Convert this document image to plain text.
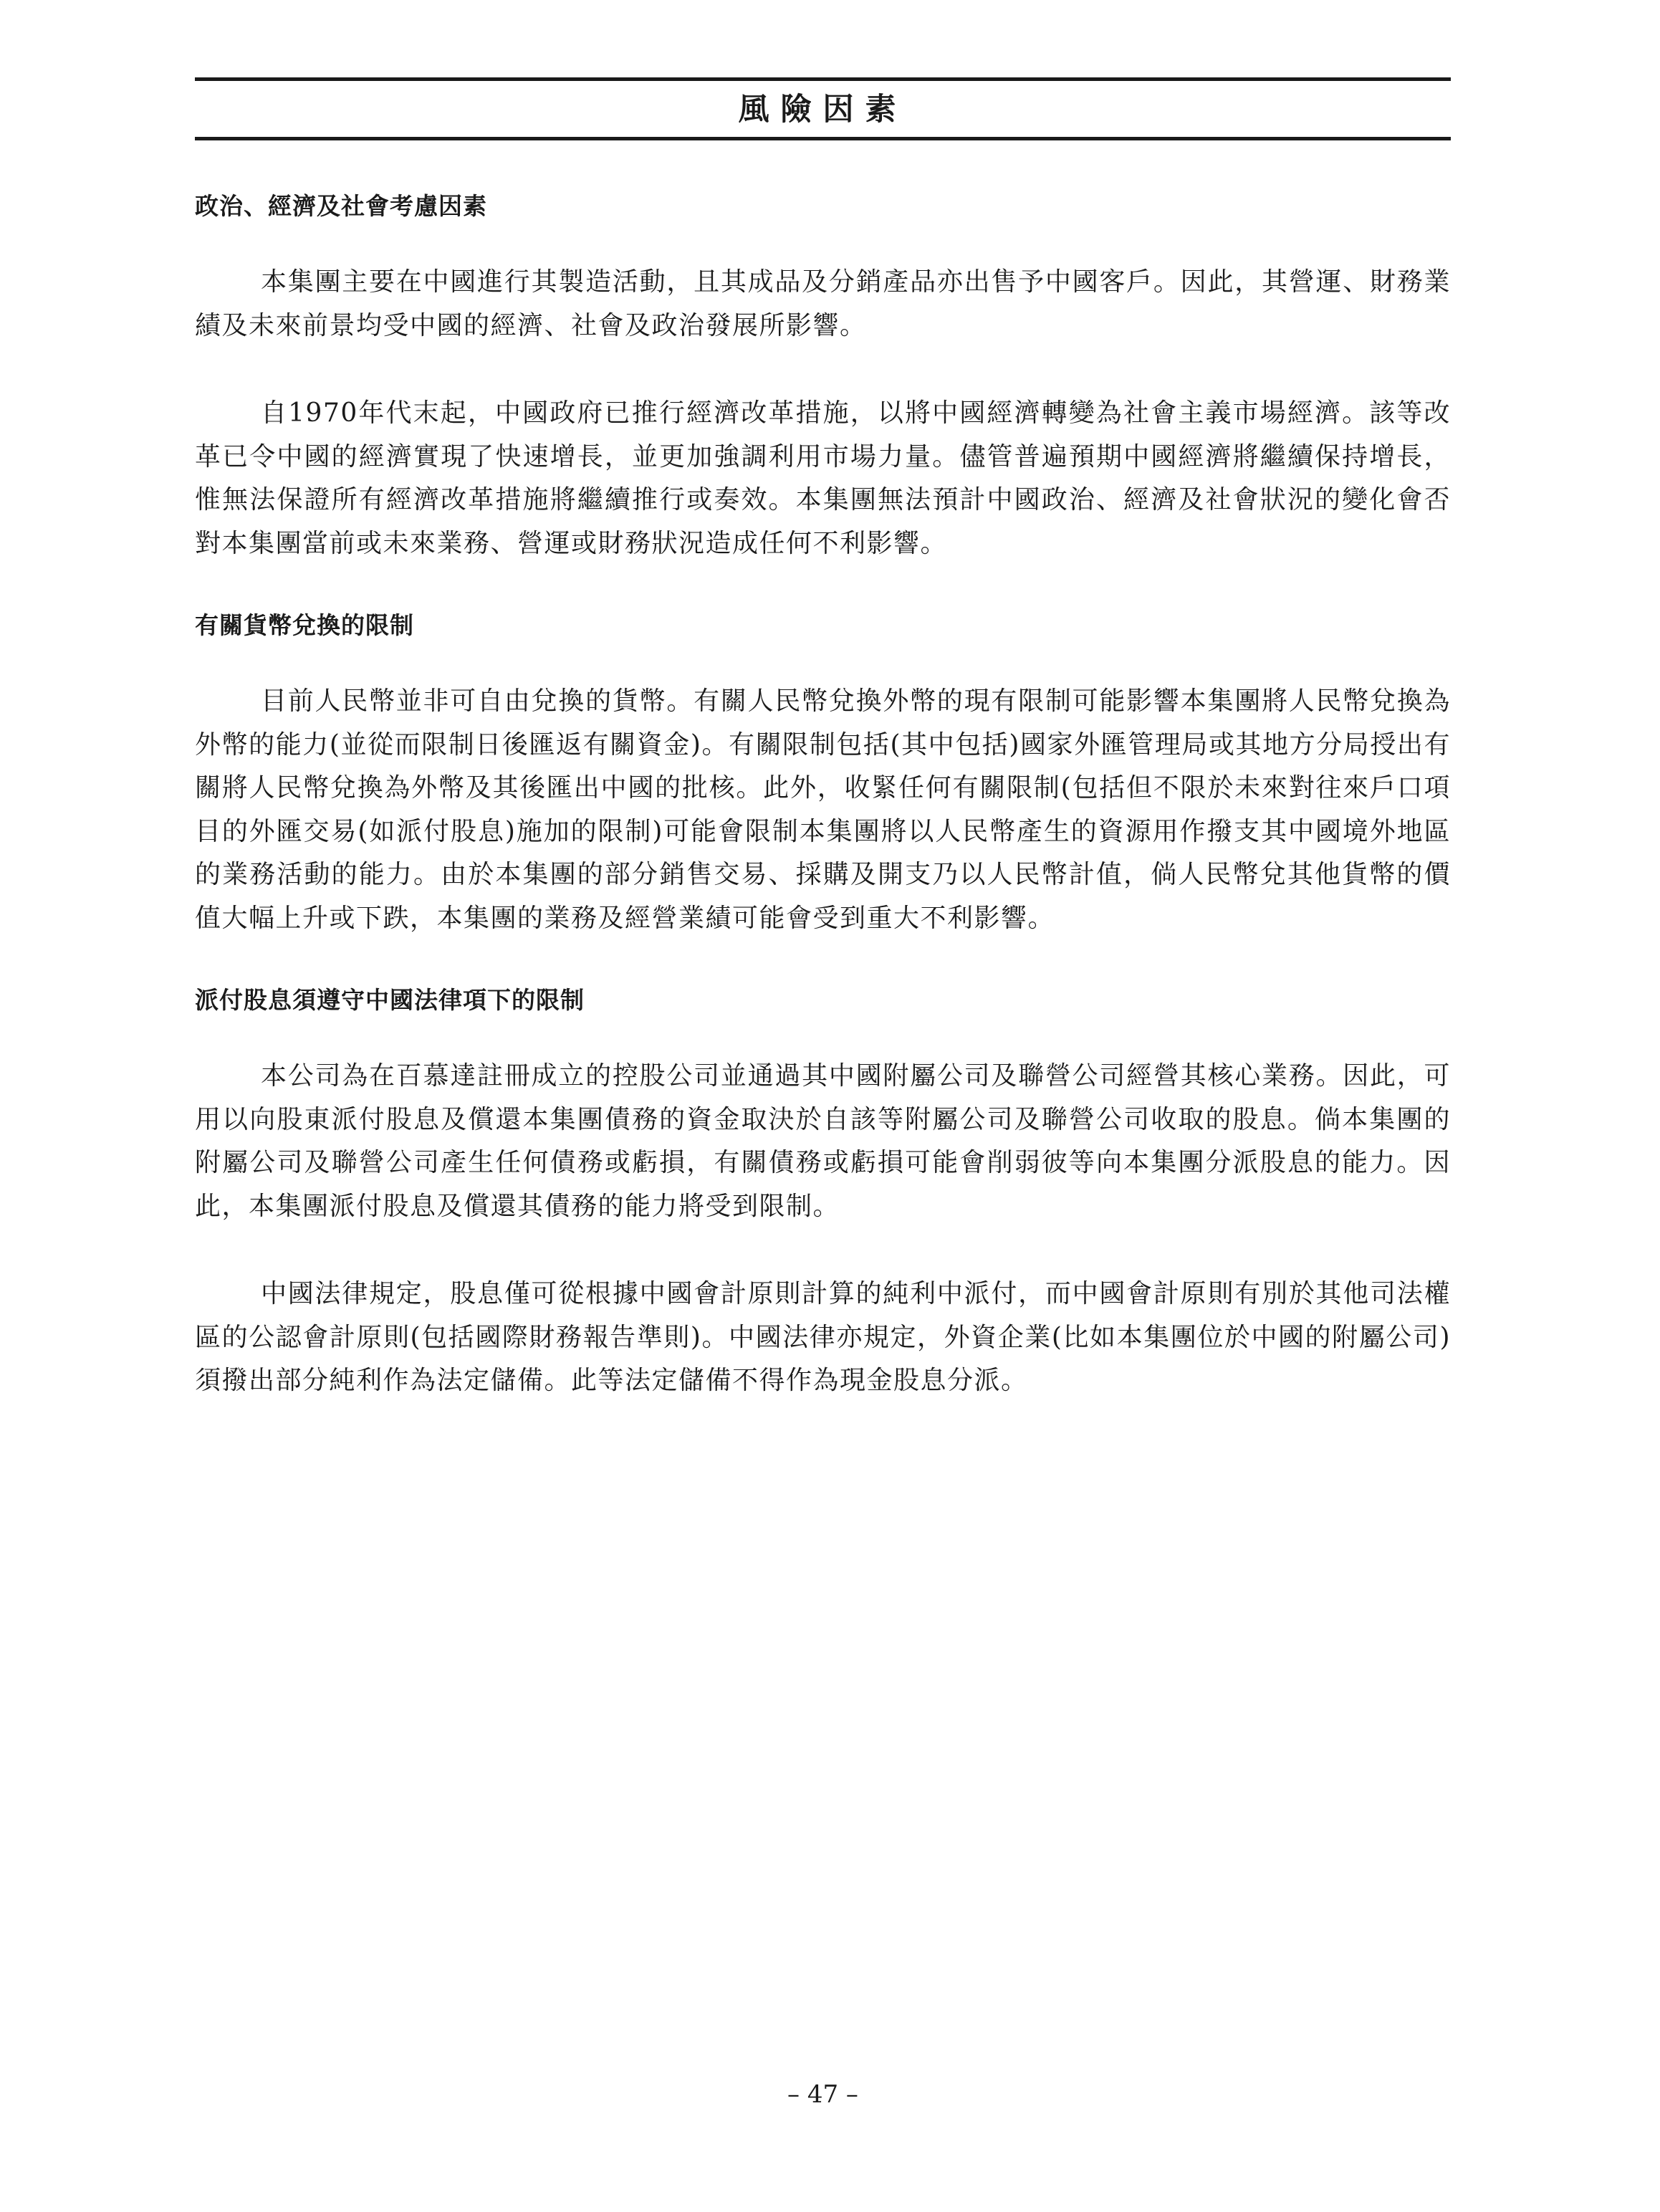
風險因素
政治、經濟及社會考慮因素

本集團主要在中國進行其製造活動，且其成品及分銷產品亦出售予中國客戶。因此，其營運、財務業績及未來前景均受中國的經濟、社會及政治發展所影響。

自1970年代末起，中國政府已推行經濟改革措施，以將中國經濟轉變為社會主義市場經濟。該等改革已令中國的經濟實現了快速增長，並更加強調利用市場力量。儘管普遍預期中國經濟將繼續保持增長，惟無法保證所有經濟改革措施將繼續推行或奏效。本集團無法預計中國政治、經濟及社會狀況的變化會否對本集團當前或未來業務、營運或財務狀況造成任何不利影響。

有關貨幣兌換的限制

目前人民幣並非可自由兌換的貨幣。有關人民幣兌換外幣的現有限制可能影響本集團將人民幣兌換為外幣的能力(並從而限制日後匯返有關資金)。有關限制包括(其中包括)國家外匯管理局或其地方分局授出有關將人民幣兌換為外幣及其後匯出中國的批核。此外，收緊任何有關限制(包括但不限於未來對往來戶口項目的外匯交易(如派付股息)施加的限制)可能會限制本集團將以人民幣產生的資源用作撥支其中國境外地區的業務活動的能力。由於本集團的部分銷售交易、採購及開支乃以人民幣計值，倘人民幣兌其他貨幣的價值大幅上升或下跌，本集團的業務及經營業績可能會受到重大不利影響。

派付股息須遵守中國法律項下的限制

本公司為在百慕達註冊成立的控股公司並通過其中國附屬公司及聯營公司經營其核心業務。因此，可用以向股東派付股息及償還本集團債務的資金取決於自該等附屬公司及聯營公司收取的股息。倘本集團的附屬公司及聯營公司產生任何債務或虧損，有關債務或虧損可能會削弱彼等向本集團分派股息的能力。因此，本集團派付股息及償還其債務的能力將受到限制。

中國法律規定，股息僅可從根據中國會計原則計算的純利中派付，而中國會計原則有別於其他司法權區的公認會計原則(包括國際財務報告準則)。中國法律亦規定，外資企業(比如本集團位於中國的附屬公司)須撥出部分純利作為法定儲備。此等法定儲備不得作為現金股息分派。

– 47 –
